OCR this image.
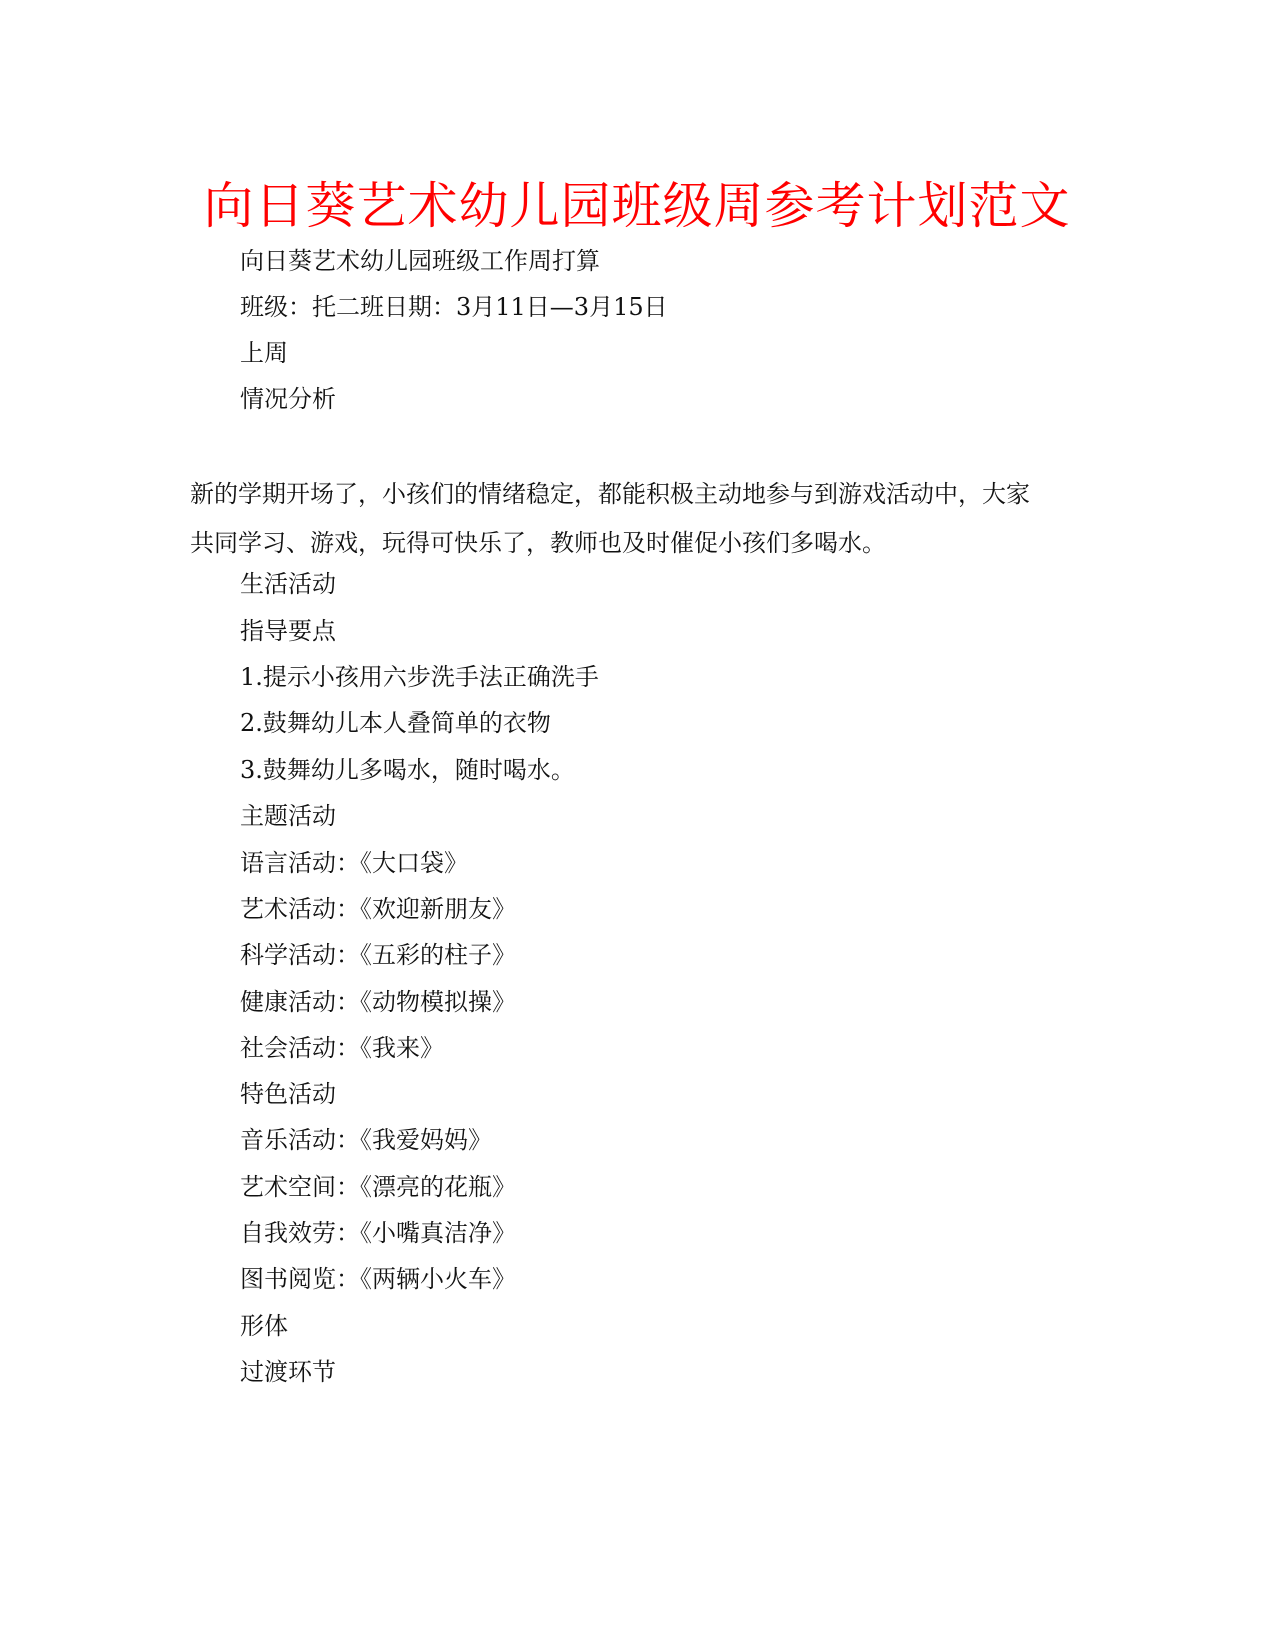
向日葵艺术幼儿园班级周参考计划范文
向日葵艺术幼儿园班级工作周打算
班级：托二班日期：3月11日—3月15日
上周
情况分析
新的学期开场了，小孩们的情绪稳定，都能积极主动地参与到游戏活动中，大家
共同学习、游戏，玩得可快乐了，教师也及时催促小孩们多喝水。
生活活动
指导要点
1.提示小孩用六步洗手法正确洗手
2.鼓舞幼儿本人叠简单的衣物
3.鼓舞幼儿多喝水，随时喝水。
主题活动
语言活动：《大口袋》
艺术活动：《欢迎新朋友》
科学活动：《五彩的柱子》
健康活动：《动物模拟操》
社会活动：《我来》
特色活动
音乐活动：《我爱妈妈》
艺术空间：《漂亮的花瓶》
自我效劳：《小嘴真洁净》
图书阅览：《两辆小火车》
形体
过渡环节
